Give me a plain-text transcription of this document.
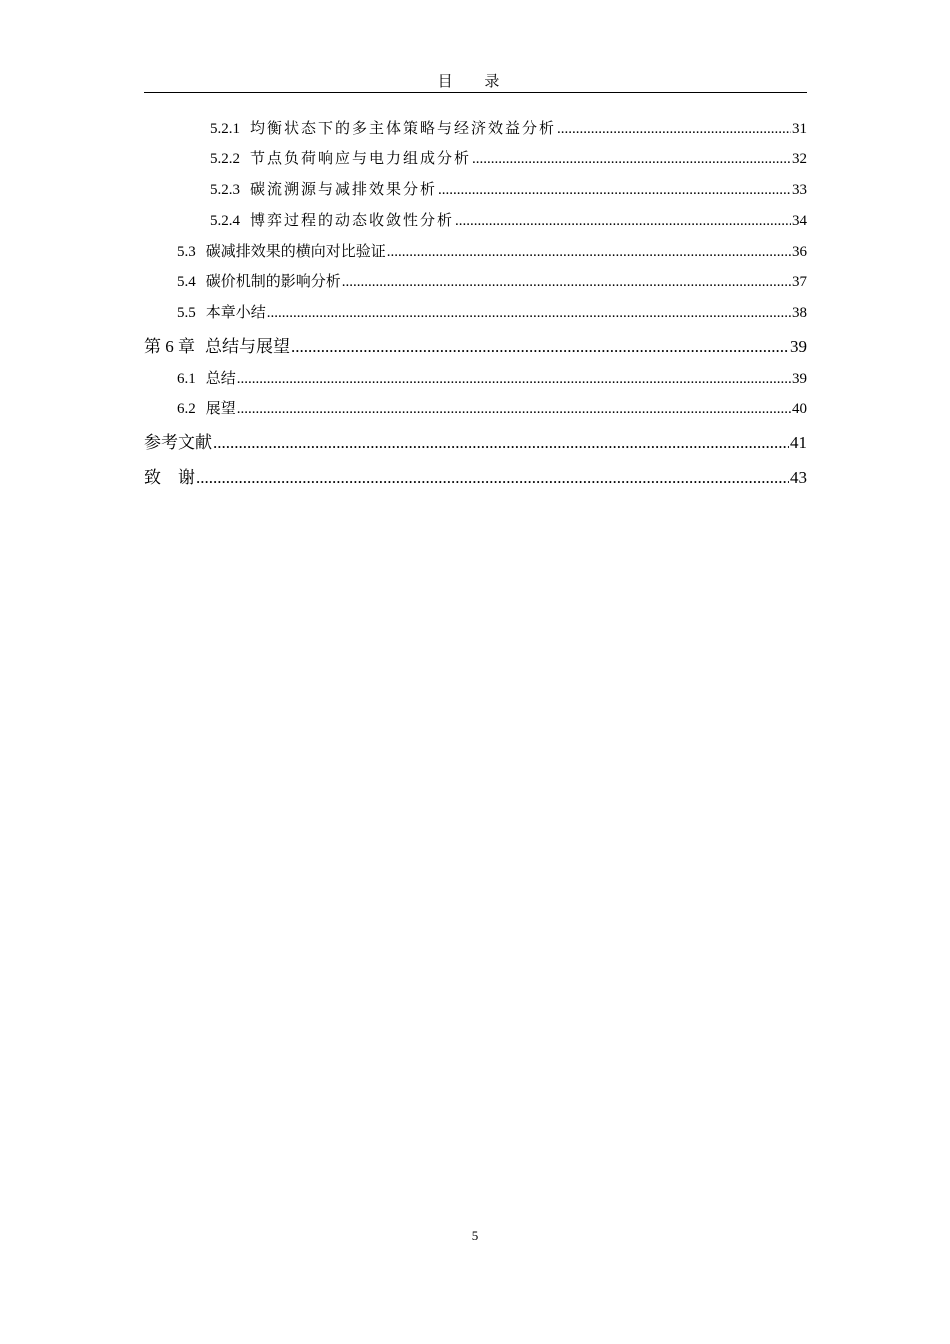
目 录
5.2.1 均衡状态下的多主体策略与经济效益分析 .....	31
5.2.2 节点负荷响应与电力组成分析 .....	32
5.2.3 碳流溯源与减排效果分析 .....	33
5.2.4 博弈过程的动态收敛性分析 .....	34
5.3 碳减排效果的横向对比验证 .....	36
5.4 碳价机制的影响分析 .....	37
5.5 本章小结 .....	38
第 6 章 总结与展望 .....	39
6.1 总结 .....	39
6.2 展望 .....	40
参考文献 .....	41
致　谢 .....	43
5
